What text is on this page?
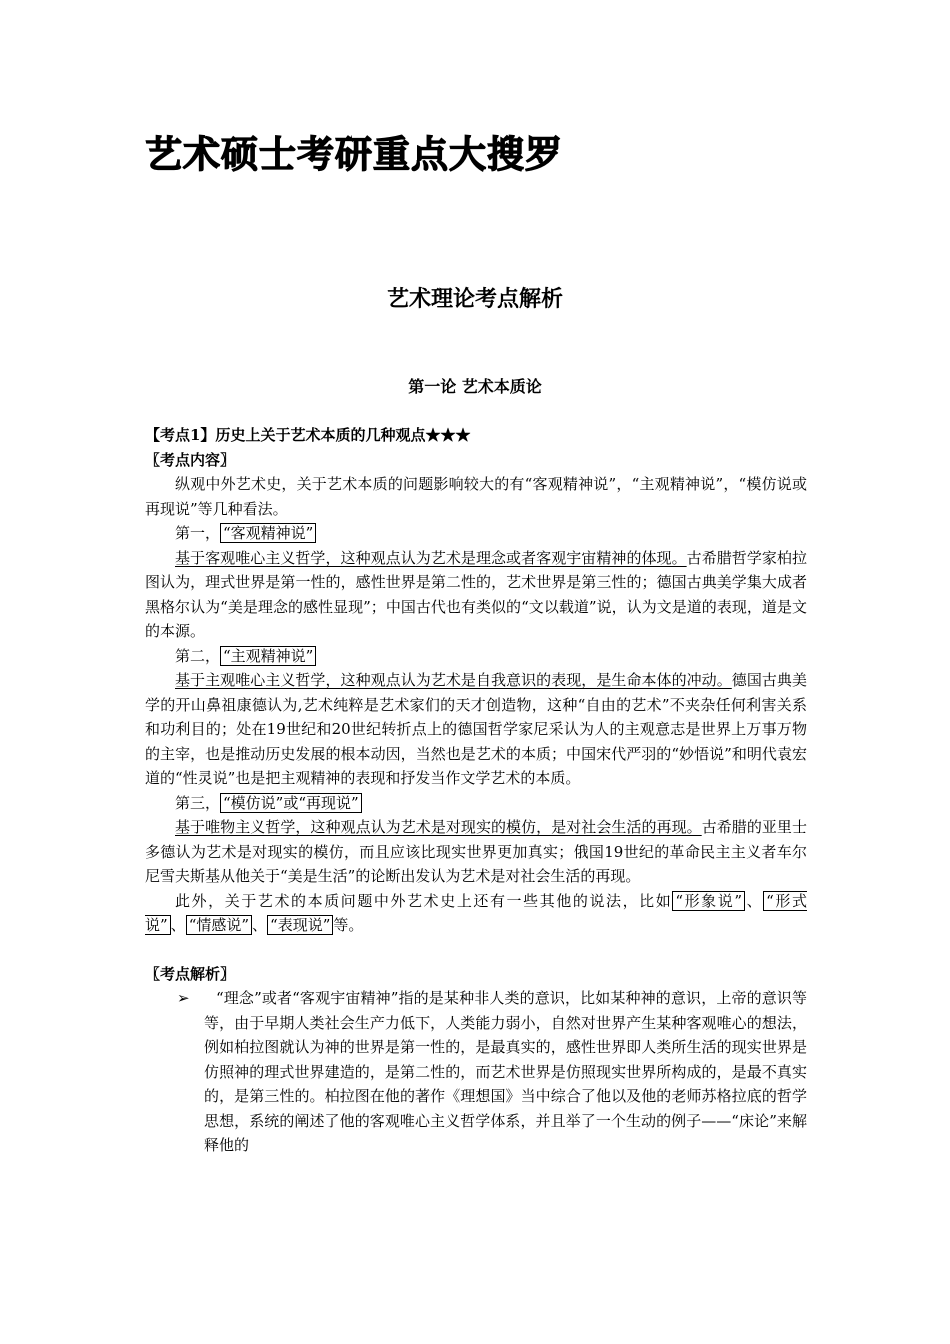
艺术硕士考研重点大搜罗
艺术理论考点解析
第一论 艺术本质论

【考点1】历史上关于艺术本质的几种观点★★★

〖考点内容〗

纵观中外艺术史，关于艺术本质的问题影响较大的有“客观精神说”，“主观精神说”，“模仿说或再现说”等几种看法。

第一， “客观精神说”

基于客观唯心主义哲学，这种观点认为艺术是理念或者客观宇宙精神的体现。古希腊哲学家柏拉图认为，理式世界是第一性的，感性世界是第二性的，艺术世界是第三性的；德国古典美学集大成者黑格尔认为“美是理念的感性显现”；中国古代也有类似的“文以载道”说，认为文是道的表现，道是文的本源。

第二， “主观精神说”

基于主观唯心主义哲学，这种观点认为艺术是自我意识的表现，是生命本体的冲动。德国古典美学的开山鼻祖康德认为,艺术纯粹是艺术家们的天才创造物，这种“自由的艺术”不夹杂任何利害关系和功利目的；处在19世纪和20世纪转折点上的德国哲学家尼采认为人的主观意志是世界上万事万物的主宰，也是推动历史发展的根本动因，当然也是艺术的本质；中国宋代严羽的“妙悟说”和明代袁宏道的“性灵说”也是把主观精神的表现和抒发当作文学艺术的本质。

第三， “模仿说”或“再现说”

基于唯物主义哲学，这种观点认为艺术是对现实的模仿，是对社会生活的再现。古希腊的亚里士多德认为艺术是对现实的模仿，而且应该比现实世界更加真实；俄国19世纪的革命民主主义者车尔尼雪夫斯基从他关于“美是生活”的论断出发认为艺术是对社会生活的再现。

此外，关于艺术的本质问题中外艺术史上还有一些其他的说法，比如 “形象说” 、 “形式说” 、 “情感说” 、 “表现说” 等。

〖考点解析〗

➢	“理念”或者“客观宇宙精神”指的是某种非人类的意识，比如某种神的意识，上帝的意识等等，由于早期人类社会生产力低下，人类能力弱小，自然对世界产生某种客观唯心的想法，例如柏拉图就认为神的世界是第一性的，是最真实的，感性世界即人类所生活的现实世界是仿照神的理式世界建造的，是第二性的，而艺术世界是仿照现实世界所构成的，是最不真实的，是第三性的。柏拉图在他的著作《理想国》当中综合了他以及他的老师苏格拉底的哲学思想，系统的阐述了他的客观唯心主义哲学体系，并且举了一个生动的例子——“床论”来解释他的
